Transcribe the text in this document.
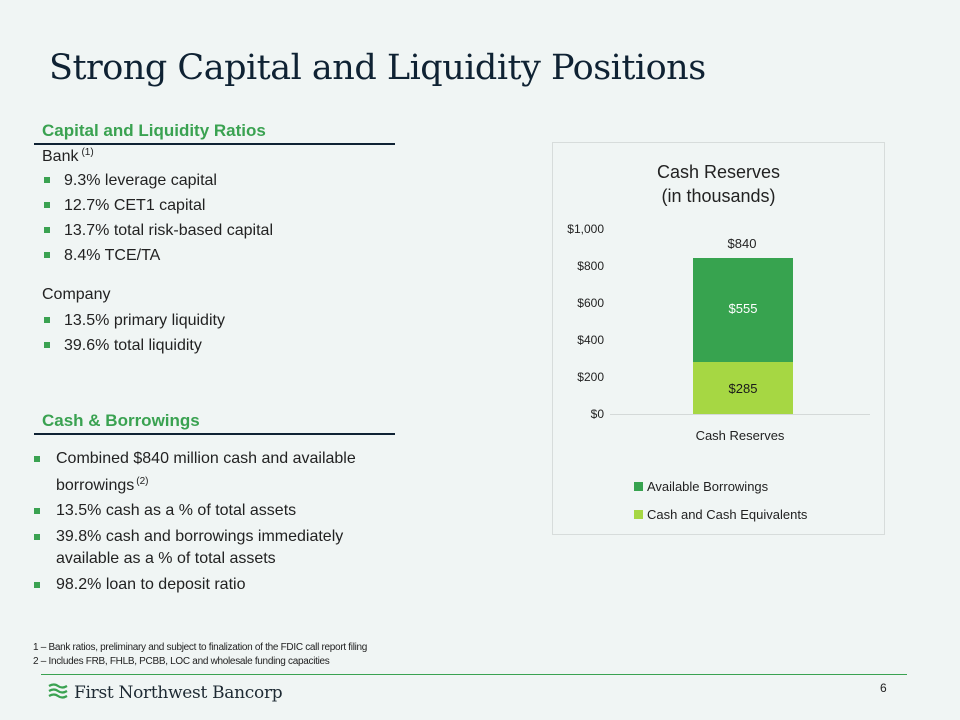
Strong Capital and Liquidity Positions
Capital and Liquidity Ratios
Bank $^{(1)}$
9.3% leverage capital
12.7% CET1 capital
13.7% total risk-based capital
8.4% TCE/TA
Company
13.5% primary liquidity
39.6% total liquidity
Cash & Borrowings
Combined $840 million cash and available borrowings $^{(2)}$
13.5% cash as a % of total assets
39.8% cash and borrowings immediately available as a % of total assets
98.2% loan to deposit ratio
Cash Reserves
(in thousands)
$1,000
$800
$600
$400
$200
$0
$840
$555
$285
Cash Reserves
Available Borrowings
Cash and Cash Equivalents
1 – Bank ratios, preliminary and subject to finalization of the FDIC call report filing
2 – Includes FRB, FHLB, PCBB, LOC and wholesale funding capacities
First Northwest Bancorp	6
